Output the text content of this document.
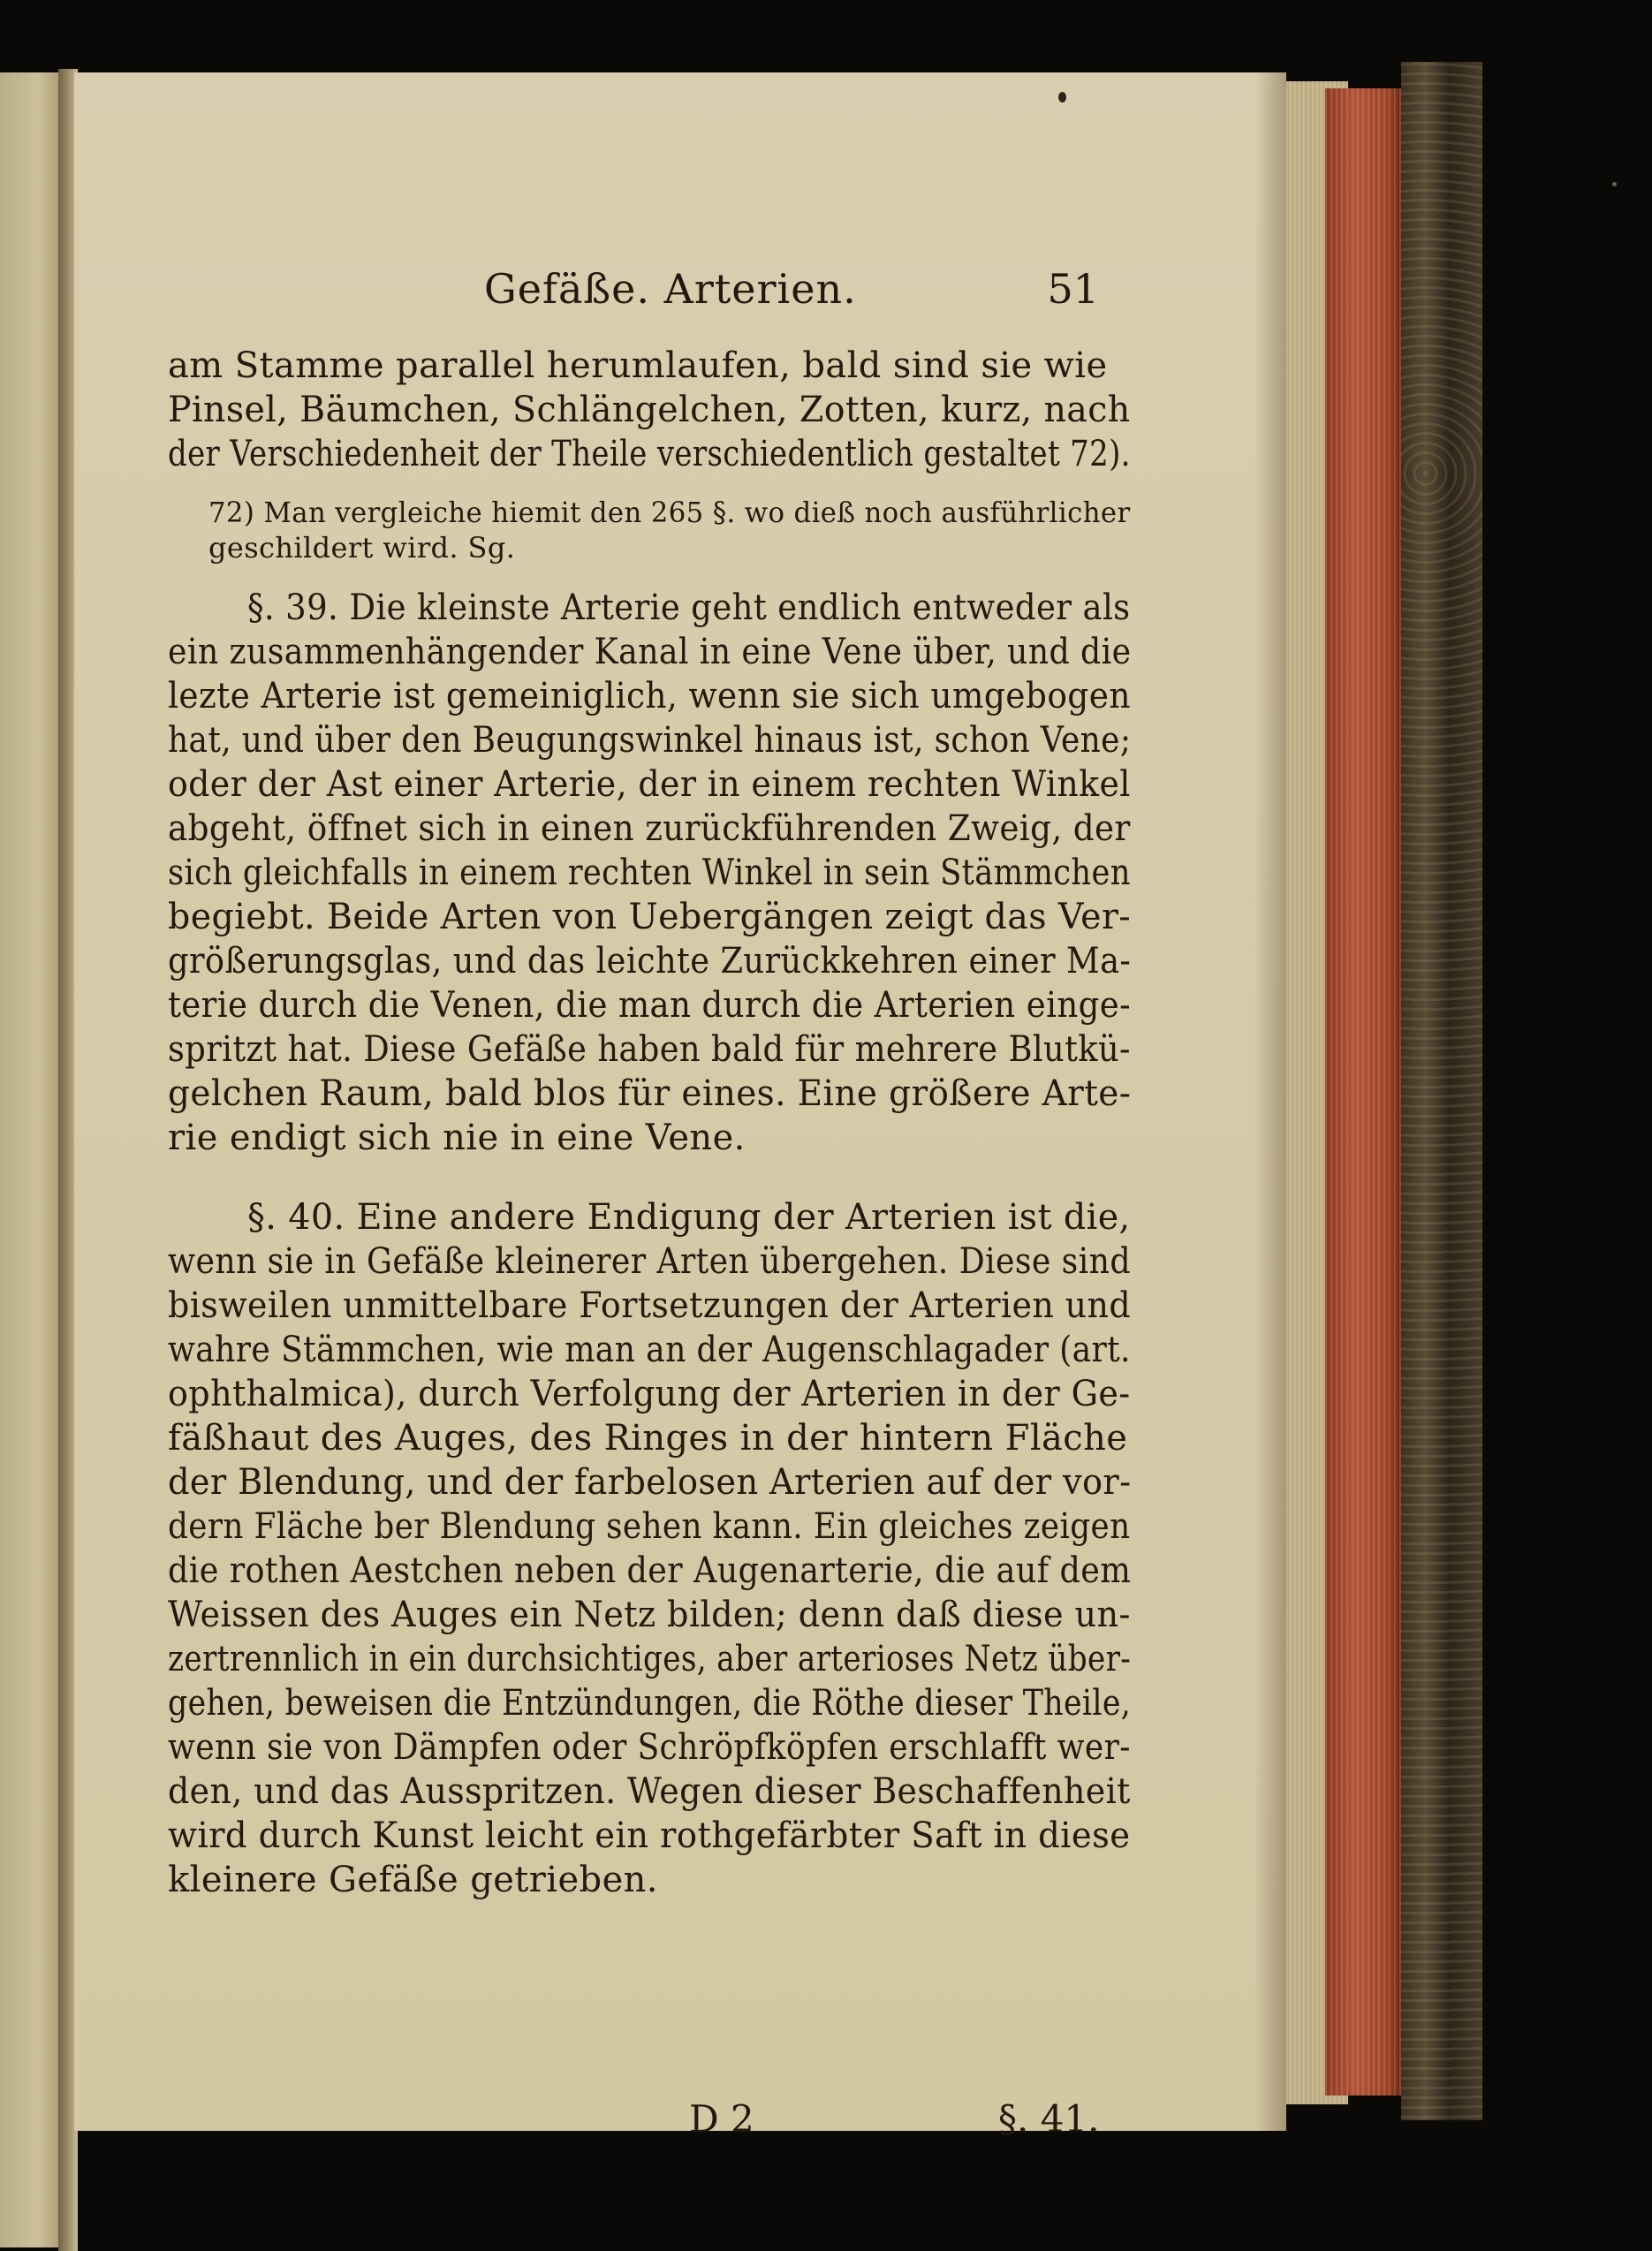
Gefäße. Arterien.	51
am Stamme parallel herumlaufen, bald sind sie wie
Pinsel, Bäumchen, Schlängelchen, Zotten, kurz, nach
der Verschiedenheit der Theile verschiedentlich gestaltet 72).
72) Man vergleiche hiemit den 265 §. wo dieß noch ausführlicher
geschildert wird. Sg.
§. 39. Die kleinste Arterie geht endlich entweder als
ein zusammenhängender Kanal in eine Vene über, und die
lezte Arterie ist gemeiniglich, wenn sie sich umgebogen
hat, und über den Beugungswinkel hinaus ist, schon Vene;
oder der Ast einer Arterie, der in einem rechten Winkel
abgeht, öffnet sich in einen zurückführenden Zweig, der
sich gleichfalls in einem rechten Winkel in sein Stämmchen
begiebt. Beide Arten von Uebergängen zeigt das Ver-
größerungsglas, und das leichte Zurückkehren einer Ma-
terie durch die Venen, die man durch die Arterien einge-
spritzt hat. Diese Gefäße haben bald für mehrere Blutkü-
gelchen Raum, bald blos für eines. Eine größere Arte-
rie endigt sich nie in eine Vene.
§. 40. Eine andere Endigung der Arterien ist die,
wenn sie in Gefäße kleinerer Arten übergehen. Diese sind
bisweilen unmittelbare Fortsetzungen der Arterien und
wahre Stämmchen, wie man an der Augenschlagader (art.
ophthalmica), durch Verfolgung der Arterien in der Ge-
fäßhaut des Auges, des Ringes in der hintern Fläche
der Blendung, und der farbelosen Arterien auf der vor-
dern Fläche ber Blendung sehen kann. Ein gleiches zeigen
die rothen Aestchen neben der Augenarterie, die auf dem
Weissen des Auges ein Netz bilden; denn daß diese un-
zertrennlich in ein durchsichtiges, aber arterioses Netz über-
gehen, beweisen die Entzündungen, die Röthe dieser Theile,
wenn sie von Dämpfen oder Schröpfköpfen erschlafft wer-
den, und das Ausspritzen. Wegen dieser Beschaffenheit
wird durch Kunst leicht ein rothgefärbter Saft in diese
kleinere Gefäße getrieben.
D 2	§. 41.
